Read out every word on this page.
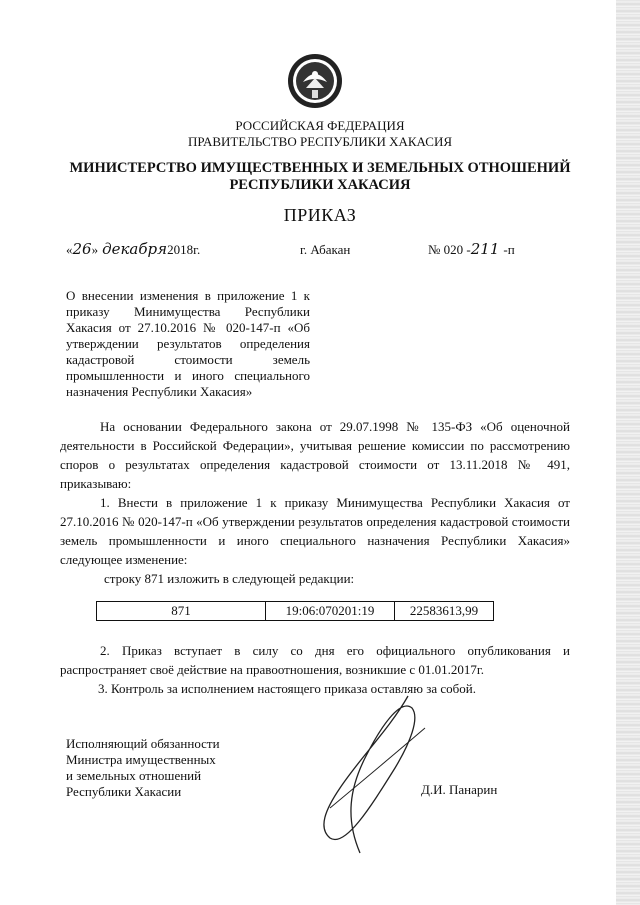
РОССИЙСКАЯ ФЕДЕРАЦИЯ
ПРАВИТЕЛЬСТВО РЕСПУБЛИКИ ХАКАСИЯ
МИНИСТЕРСТВО ИМУЩЕСТВЕННЫХ И ЗЕМЕЛЬНЫХ ОТНОШЕНИЙ
РЕСПУБЛИКИ ХАКАСИЯ
ПРИКАЗ
«26» декабря2018г.	г. Абакан	№ 020 -211 -п
О внесении изменения в приложение 1 к приказу Минимущества Республики Хакасия от 27.10.2016 № 020-147-п «Об утверждении результатов определения кадастровой стоимости земель промышленности и иного специального назначения Республики Хакасия»

На основании Федерального закона от 29.07.1998 № 135-ФЗ «Об оценочной деятельности в Российской Федерации», учитывая решение комиссии по рассмотрению споров о результатах определения кадастровой стоимости от 13.11.2018 № 491, приказываю:

1. Внести в приложение 1 к приказу Минимущества Республики Хакасия от 27.10.2016 № 020-147-п «Об утверждении результатов определения кадастровой стоимости земель промышленности и иного специального назначения Республики Хакасия» следующее изменение:

строку 871 изложить в следующей редакции:
871	19:06:070201:19	22583613,99

2. Приказ вступает в силу со дня его официального опубликования и распространяет своё действие на правоотношения, возникшие с 01.01.2017г.

3. Контроль за исполнением настоящего приказа оставляю за собой.
Исполняющий обязанности
Министра имущественных
и земельных отношений
Республики Хакасии	Д.И. Панарин
